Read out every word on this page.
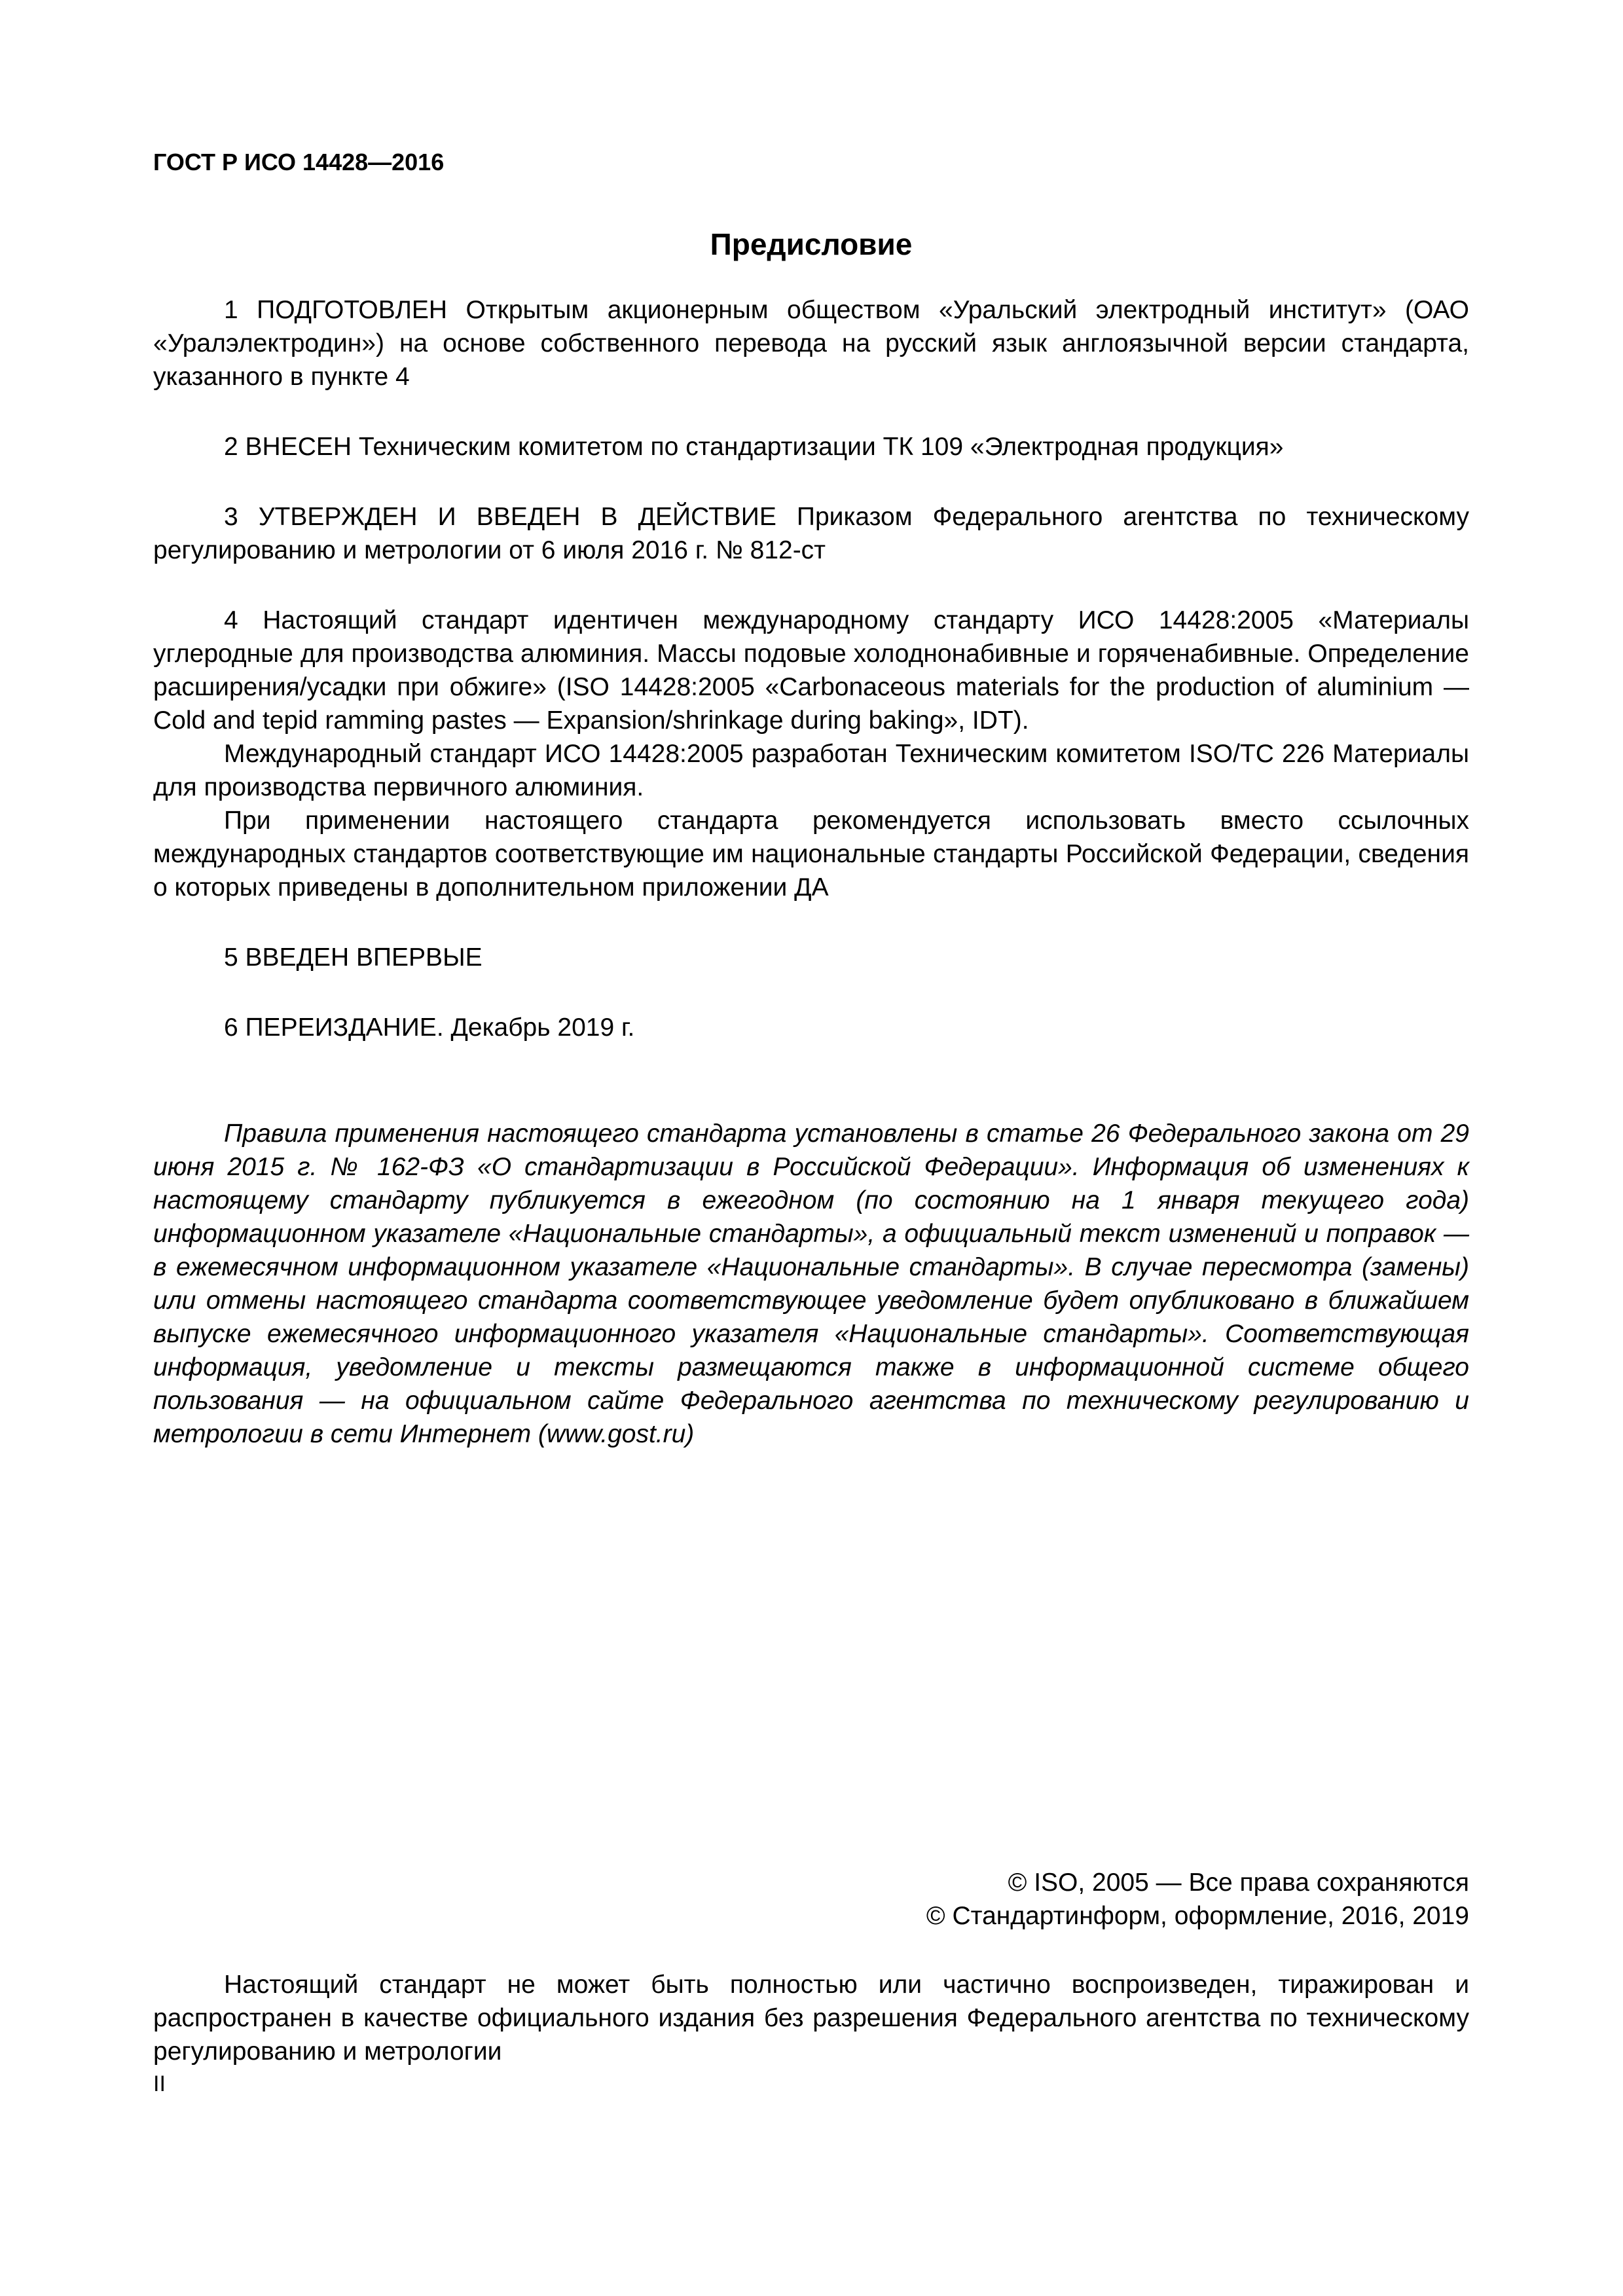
ГОСТ Р ИСО 14428—2016
Предисловие

1 ПОДГОТОВЛЕН Открытым акционерным обществом «Уральский электродный институт» (ОАО «Уралэлектродин») на основе собственного перевода на русский язык англоязычной версии стандарта, указанного в пункте 4

2 ВНЕСЕН Техническим комитетом по стандартизации ТК 109 «Электродная продукция»

3 УТВЕРЖДЕН И ВВЕДЕН В ДЕЙСТВИЕ Приказом Федерального агентства по техническому регулированию и метрологии от 6 июля 2016 г. № 812-ст

4 Настоящий стандарт идентичен международному стандарту ИСО 14428:2005 «Материалы углеродные для производства алюминия. Массы подовые холоднонабивные и горяченабивные. Определение расширения/усадки при обжиге» (ISO 14428:2005 «Carbonaceous materials for the production of aluminium — Cold and tepid ramming pastes — Expansion/shrinkage during baking», IDT).

Международный стандарт ИСО 14428:2005 разработан Техническим комитетом ISO/TC 226 Материалы для производства первичного алюминия.

При применении настоящего стандарта рекомендуется использовать вместо ссылочных международных стандартов соответствующие им национальные стандарты Российской Федерации, сведения о которых приведены в дополнительном приложении ДА

5 ВВЕДЕН ВПЕРВЫЕ

6 ПЕРЕИЗДАНИЕ. Декабрь 2019 г.

Правила применения настоящего стандарта установлены в статье 26 Федерального закона от 29 июня 2015 г. № 162-ФЗ «О стандартизации в Российской Федерации». Информация об изменениях к настоящему стандарту публикуется в ежегодном (по состоянию на 1 января текущего года) информационном указателе «Национальные стандарты», а официальный текст изменений и поправок — в ежемесячном информационном указателе «Национальные стандарты». В случае пересмотра (замены) или отмены настоящего стандарта соответствующее уведомление будет опубликовано в ближайшем выпуске ежемесячного информационного указателя «Национальные стандарты». Соответствующая информация, уведомление и тексты размещаются также в информационной системе общего пользования — на официальном сайте Федерального агентства по техническому регулированию и метрологии в сети Интернет (www.gost.ru)

© ISO, 2005 — Все права сохраняются
© Стандартинформ, оформление, 2016, 2019

Настоящий стандарт не может быть полностью или частично воспроизведен, тиражирован и распространен в качестве официального издания без разрешения Федерального агентства по техническому регулированию и метрологии

II
